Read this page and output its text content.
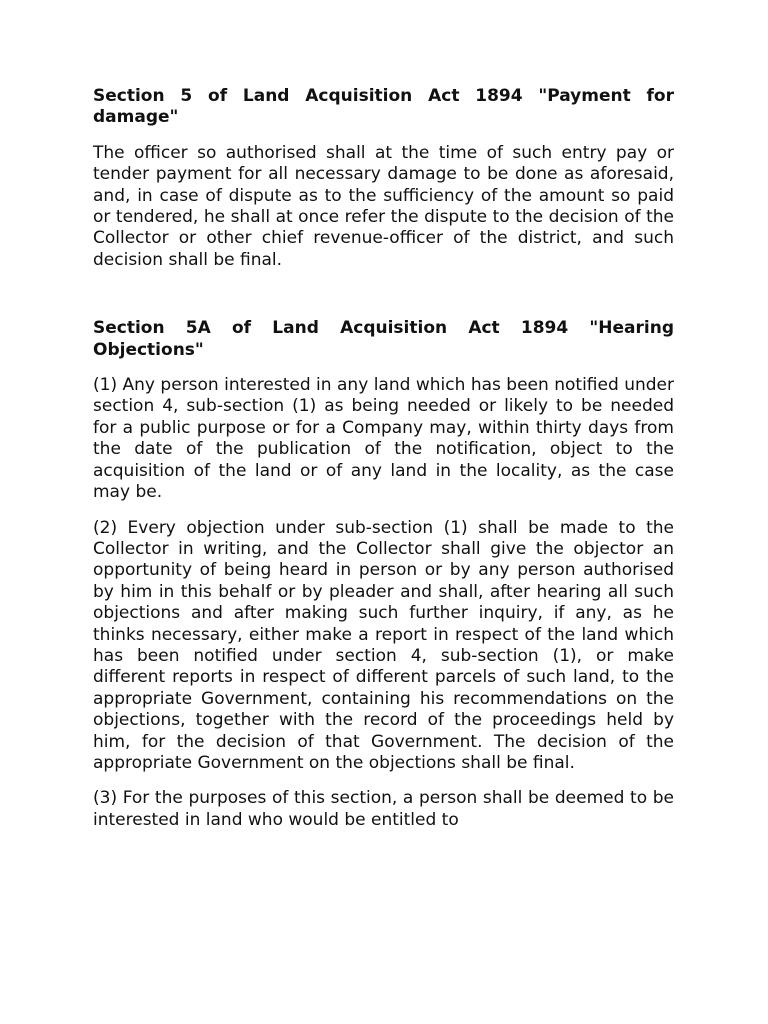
Section 5 of Land Acquisition Act 1894 "Payment for damage"

The officer so authorised shall at the time of such entry pay or tender payment for all necessary damage to be done as aforesaid, and, in case of dispute as to the sufficiency of the amount so paid or tendered, he shall at once refer the dispute to the decision of the Collector or other chief revenue-officer of the district, and such decision shall be final.

Section 5A of Land Acquisition Act 1894 "Hearing Objections"

(1) Any person interested in any land which has been notified under section 4, sub-section (1) as being needed or likely to be needed for a public purpose or for a Company may, within thirty days from the date of the publication of the notification, object to the acquisition of the land or of any land in the locality, as the case may be.

(2) Every objection under sub-section (1) shall be made to the Collector in writing, and the Collector shall give the objector an opportunity of being heard in person or by any person authorised by him in this behalf or by pleader and shall, after hearing all such objections and after making such further inquiry, if any, as he thinks necessary, either make a report in respect of the land which has been notified under section 4, sub-section (1), or make different reports in respect of different parcels of such land, to the appropriate Government, containing his recommendations on the objections, together with the record of the proceedings held by him, for the decision of that Government. The decision of the appropriate Government on the objections shall be final.

(3) For the purposes of this section, a person shall be deemed to be interested in land who would be entitled to
